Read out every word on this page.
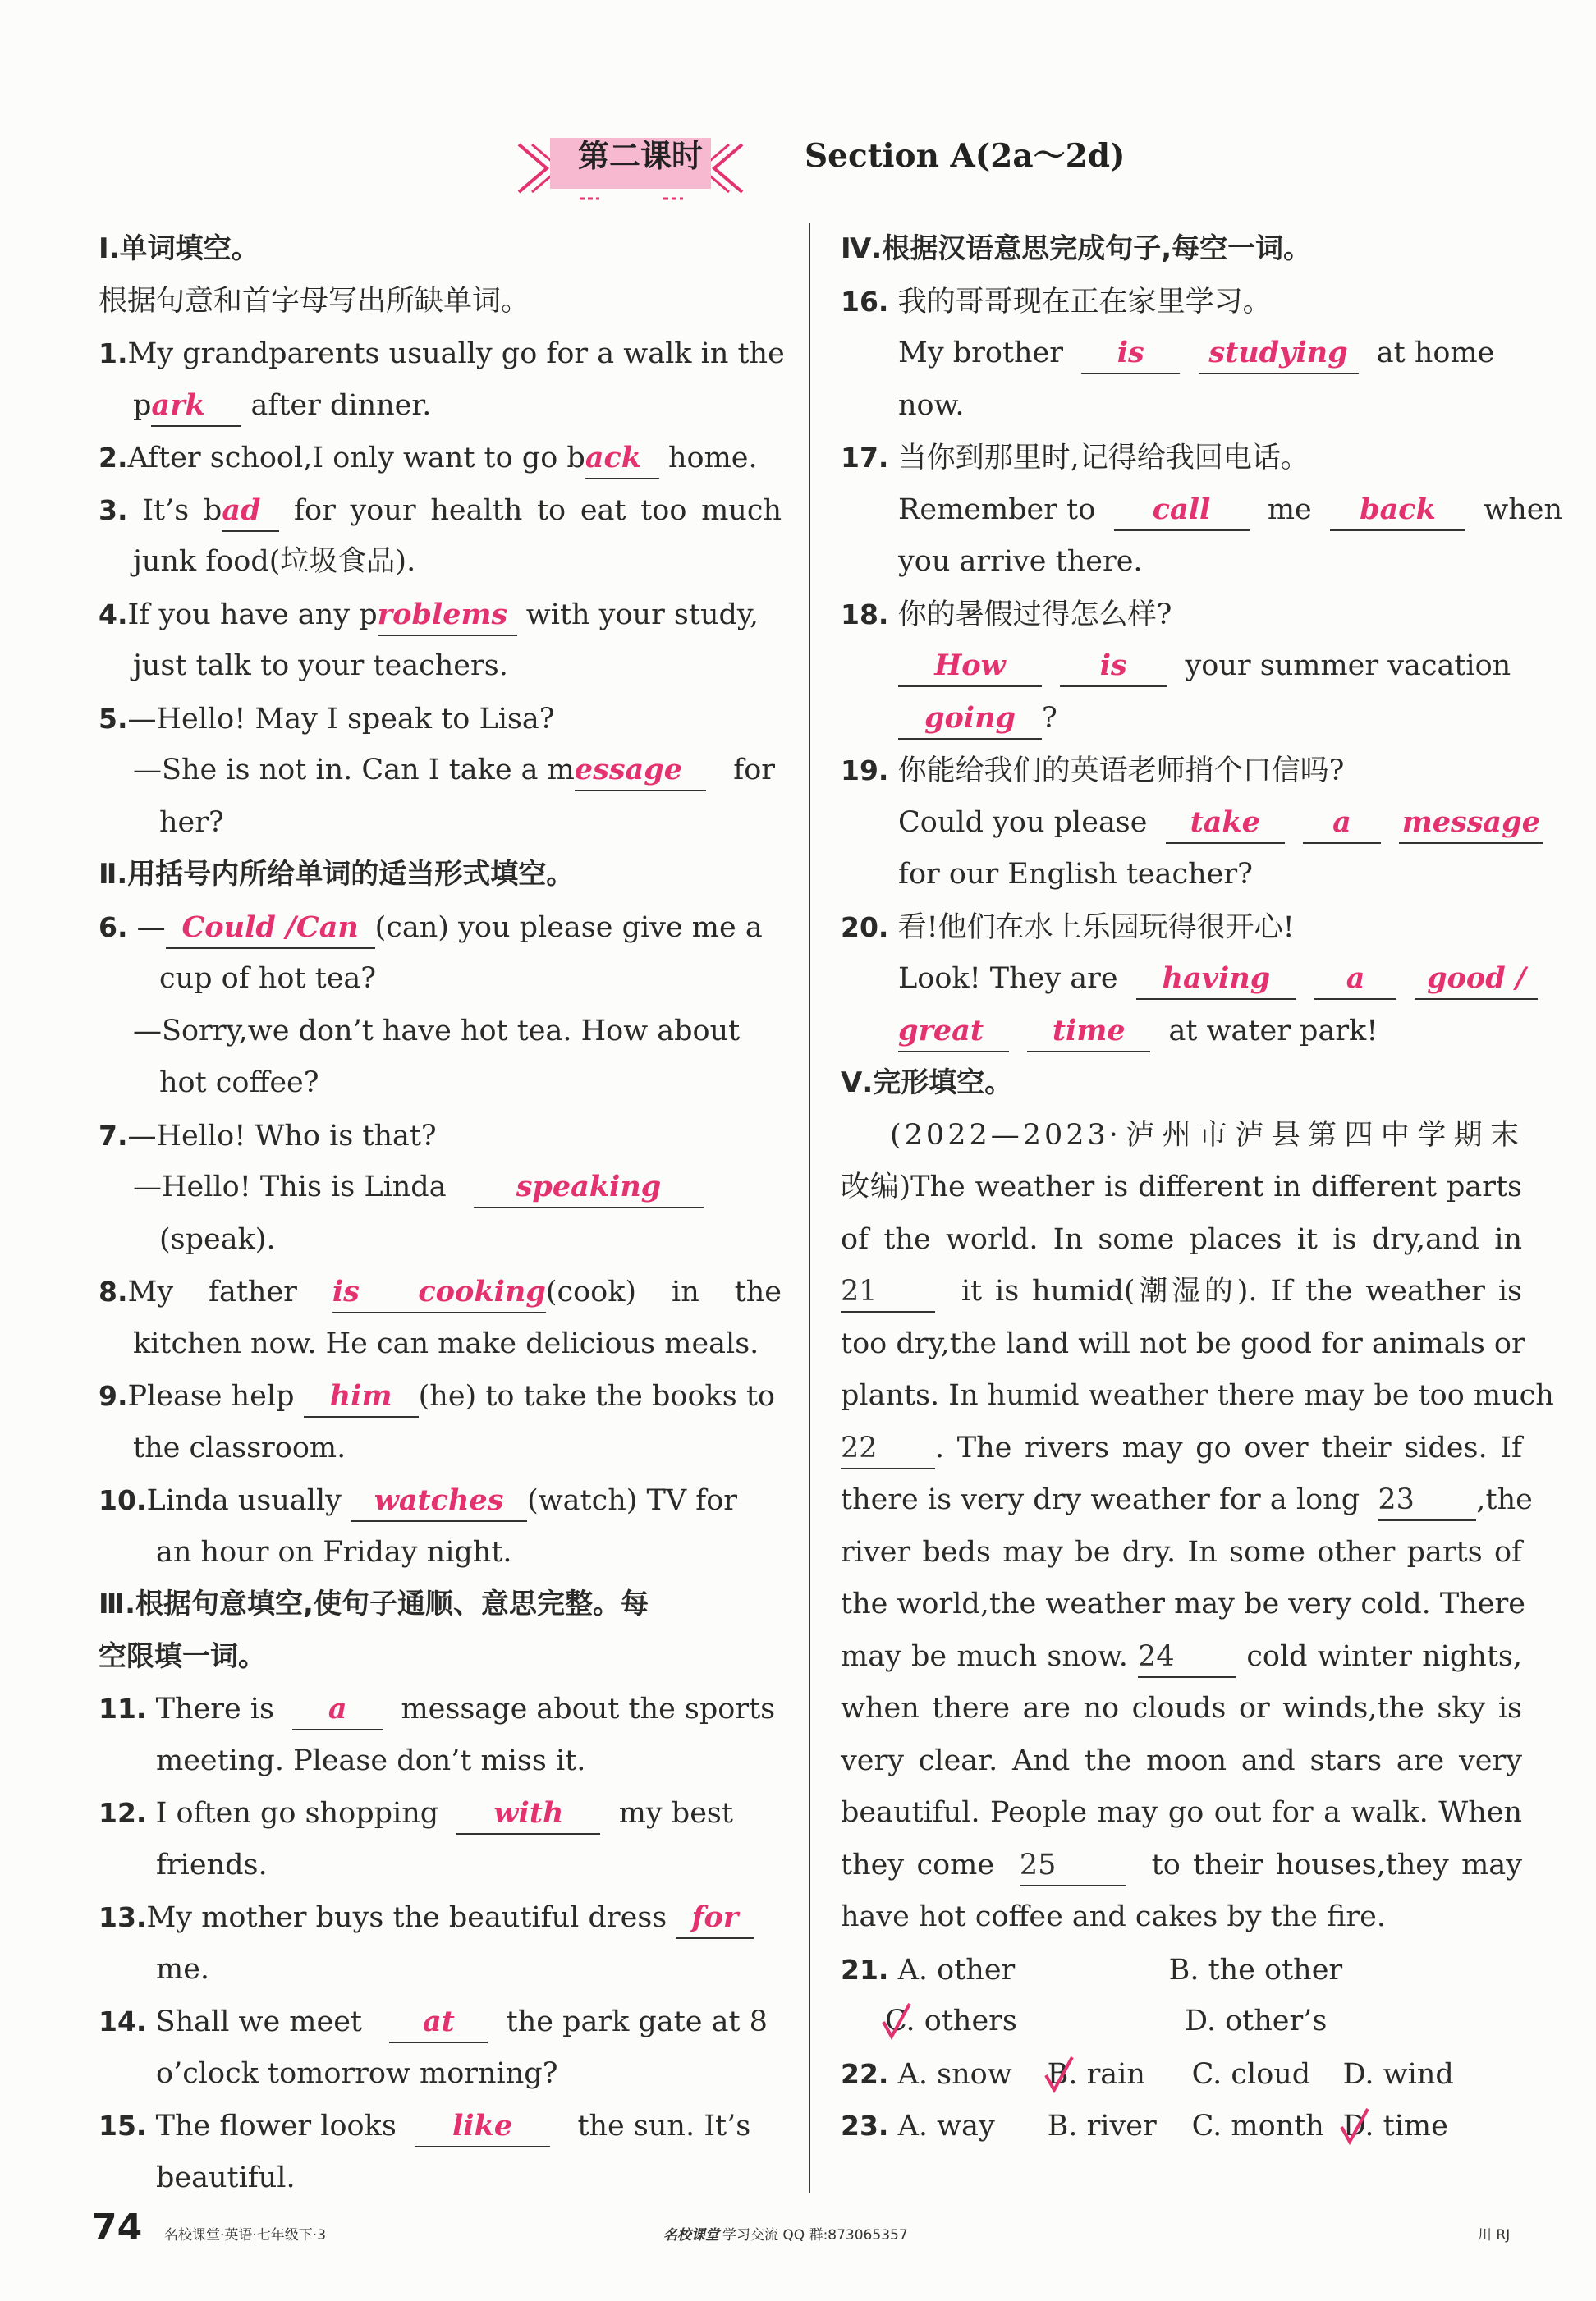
第二课时	Section A(2a～2d)
Ⅰ.单词填空。
根据句意和首字母写出所缺单词。
1.My grandparents usually go for a walk in the
park after dinner.
2.After school,I only want to go back home.
3. It’s bad for your health to eat too much
junk food(垃圾食品).
4.If you have any problems with your study,
just talk to your teachers.
5.—Hello! May I speak to Lisa?
—She is not in. Can I take a message for
her?
Ⅱ.用括号内所给单词的适当形式填空。
6. — Could /Can (can) you please give me a
cup of hot tea?
—Sorry,we don’t have hot tea. How about
hot coffee?
7.—Hello! Who is that?
—Hello! This is Linda speaking
(speak).
8.My father is cooking(cook) in the
kitchen now. He can make delicious meals.
9.Please help him (he) to take the books to
the classroom.
10.Linda usually watches (watch) TV for
an hour on Friday night.
Ⅲ.根据句意填空,使句子通顺、意思完整。每
空限填一词。
11. There is a message about the sports
meeting. Please don’t miss it.
12. I often go shopping with my best
friends.
13.My mother buys the beautiful dress for
me.
14. Shall we meet at the park gate at 8
o’clock tomorrow morning?
15. The flower looks like the sun. It’s
beautiful.
Ⅳ.根据汉语意思完成句子,每空一词。
16. 我的哥哥现在正在家里学习。
My brother is studying at home
now.
17. 当你到那里时,记得给我回电话。
Remember to call me back when
you arrive there.
18. 你的暑假过得怎么样?
How	is your summer vacation
going ?
19. 你能给我们的英语老师捎个口信吗?
Could you please take	a message
for our English teacher?
20. 看!他们在水上乐园玩得很开心!
Look! They are having	a good /
great time at water park!
Ⅴ.完形填空。
(2022—2023·泸州市泸县第四中学期末
改编)The weather is different in different parts
of the world. In some places it is dry,and in
21	it is humid(潮湿的). If the weather is
too dry,the land will not be good for animals or
plants. In humid weather there may be too much
22 . The rivers may go over their sides. If
there is very dry weather for a long 23 ,the
river beds may be dry. In some other parts of
the world,the weather may be very cold. There
may be much snow. 24	cold winter nights,
when there are no clouds or winds,the sky is
very clear. And the moon and stars are very
beautiful. People may go out for a walk. When
they come 25	to their houses,they may
have hot coffee and cakes by the fire.
21. A. other	B. the other
C. others	D. other’s
22. A. snow B. rain C. cloud D. wind
23. A. way B. river C. month D. time
74 名校课堂·英语·七年级下·3	名校课堂 学习交流 QQ 群:873065357	川 RJ
